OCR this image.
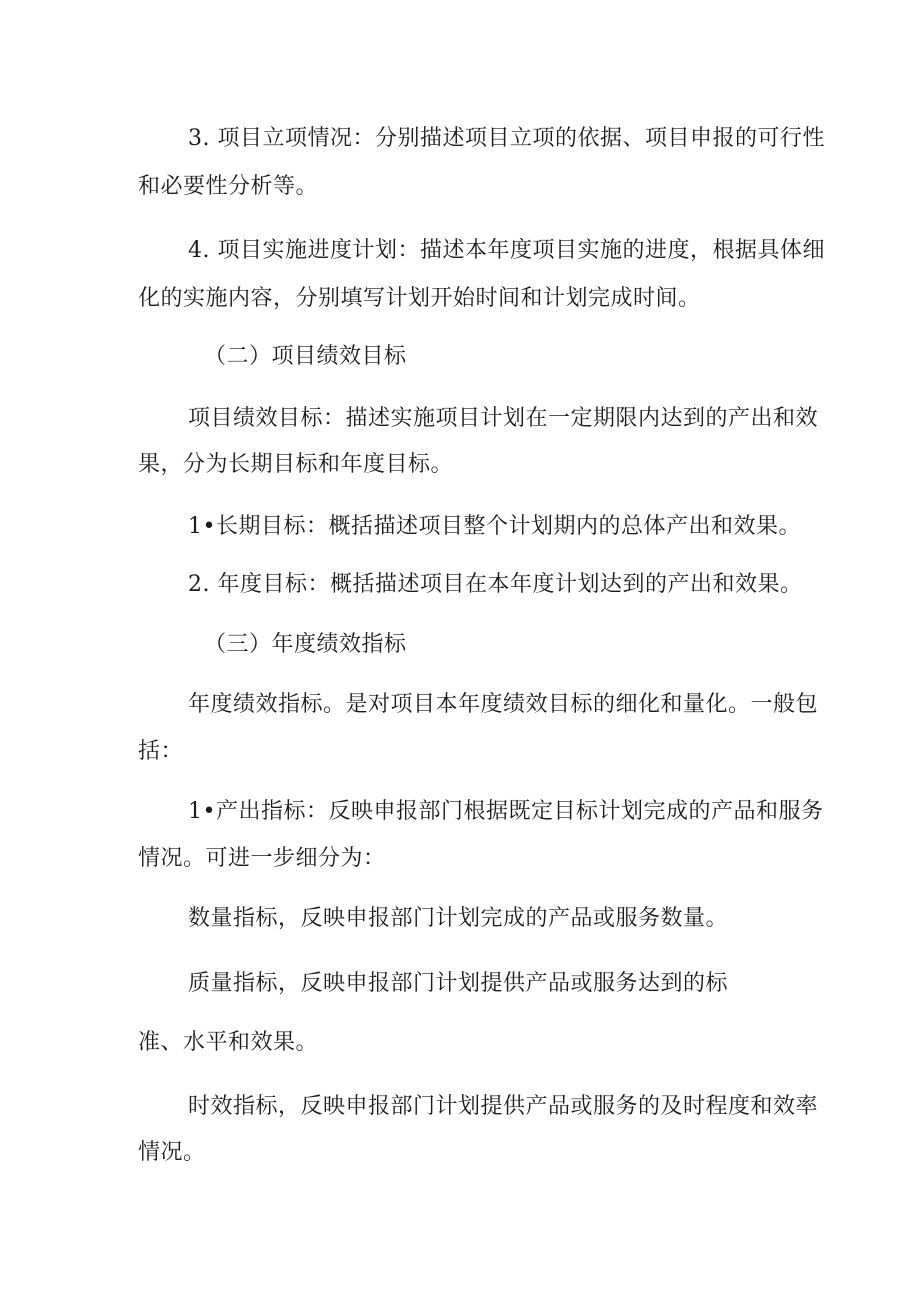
3. 项目立项情况：分别描述项目立项的依据、项目申报的可行性
和必要性分析等。
4. 项目实施进度计划：描述本年度项目实施的进度，根据具体细
化的实施内容，分别填写计划开始时间和计划完成时间。
（二）项目绩效目标
项目绩效目标：描述实施项目计划在一定期限内达到的产出和效
果，分为长期目标和年度目标。
1•长期目标：概括描述项目整个计划期内的总体产出和效果。
2. 年度目标：概括描述项目在本年度计划达到的产出和效果。
（三）年度绩效指标
年度绩效指标。是对项目本年度绩效目标的细化和量化。一般包
括：
1•产出指标：反映申报部门根据既定目标计划完成的产品和服务
情况。可进一步细分为：
数量指标，反映申报部门计划完成的产品或服务数量。
质量指标，反映申报部门计划提供产品或服务达到的标
准、水平和效果。
时效指标，反映申报部门计划提供产品或服务的及时程度和效率
情况。
